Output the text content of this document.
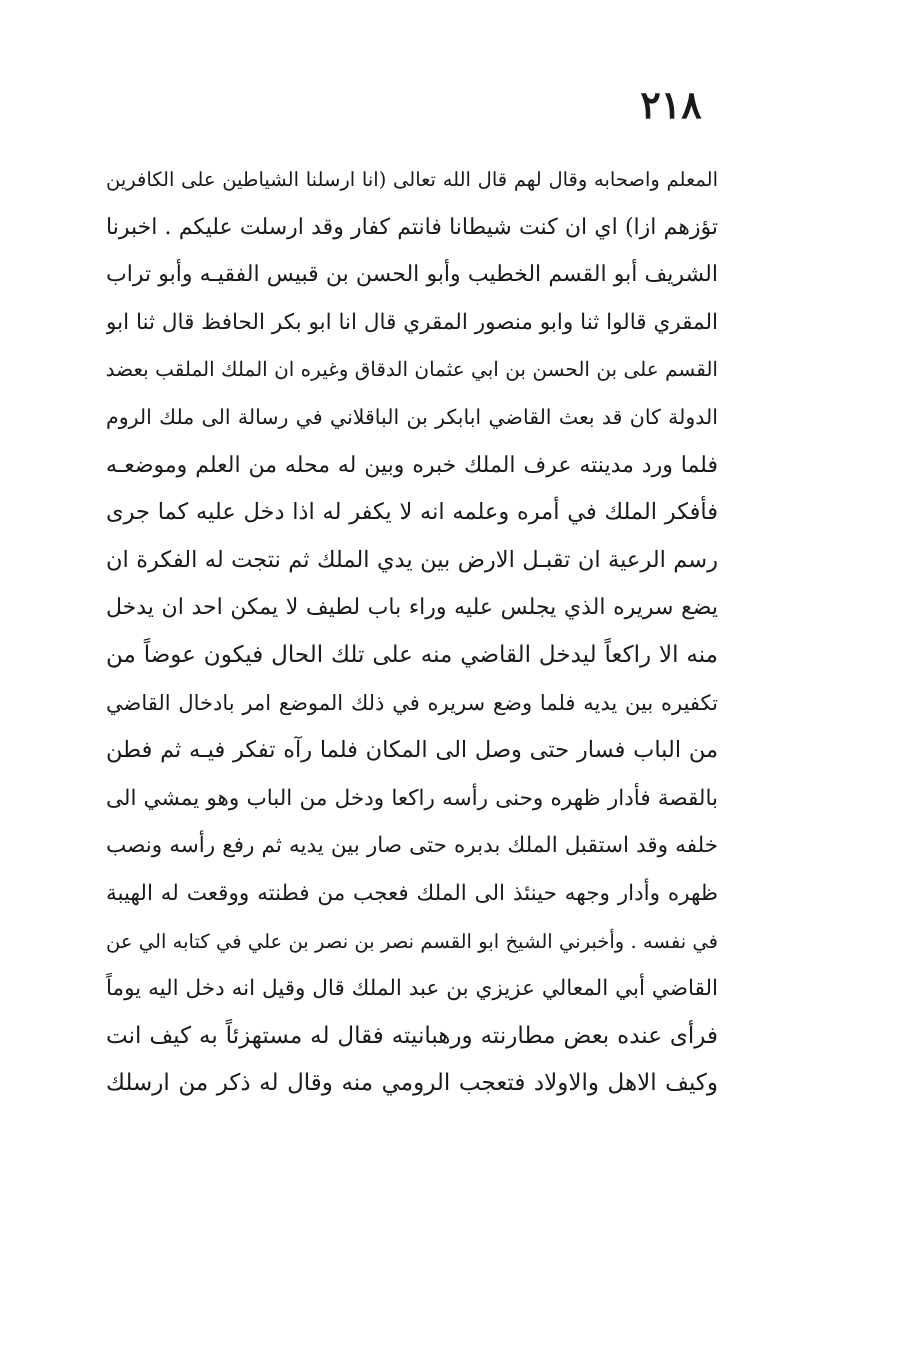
٢١٨
المعلم واصحابه وقال لهم قال الله تعالى (انا ارسلنا الشياطين على الكافرين
تؤزهم ازا) اي ان كنت شيطانا فانتم كفار وقد ارسلت عليكم . اخبرنا
الشريف أبو القسم الخطيب وأبو الحسن بن قبيس الفقيـه وأبو تراب
المقري قالوا ثنا وابو منصور المقري قال انا ابو بكر الحافظ قال ثنا ابو
القسم على بن الحسن بن ابي عثمان الدقاق وغيره ان الملك الملقب بعضد
الدولة كان قد بعث القاضي ابابكر بن الباقلاني في رسالة الى ملك الروم
فلما ورد مدينته عرف الملك خبره وبين له محله من العلم وموضعـه
فأفكر الملك في أمره وعلمه انه لا يكفر له اذا دخل عليه كما جرى
رسم الرعية ان تقبـل الارض بين يدي الملك ثم نتجت له الفكرة ان
يضع سريره الذي يجلس عليه وراء باب لطيف لا يمكن احد ان يدخل
منه الا راكعاً ليدخل القاضي منه على تلك الحال فيكون عوضاً من
تكفيره بين يديه فلما وضع سريره في ذلك الموضع امر بادخال القاضي
من الباب فسار حتى وصل الى المكان فلما رآه تفكر فيـه ثم فطن
بالقصة فأدار ظهره وحنى رأسه راكعا ودخل من الباب وهو يمشي الى
خلفه وقد استقبل الملك بدبره حتى صار بين يديه ثم رفع رأسه ونصب
ظهره وأدار وجهه حينئذ الى الملك فعجب من فطنته ووقعت له الهيبة
في نفسه . وأخبرني الشيخ ابو القسم نصر بن نصر بن علي في كتابه الي عن
القاضي أبي المعالي عزيزي بن عبد الملك قال وقيل انه دخل اليه يوماً
فرأى عنده بعض مطارنته ورهبانيته فقال له مستهزئاً به كيف انت
وكيف الاهل والاولاد فتعجب الرومي منه وقال له ذكر من ارسلك
